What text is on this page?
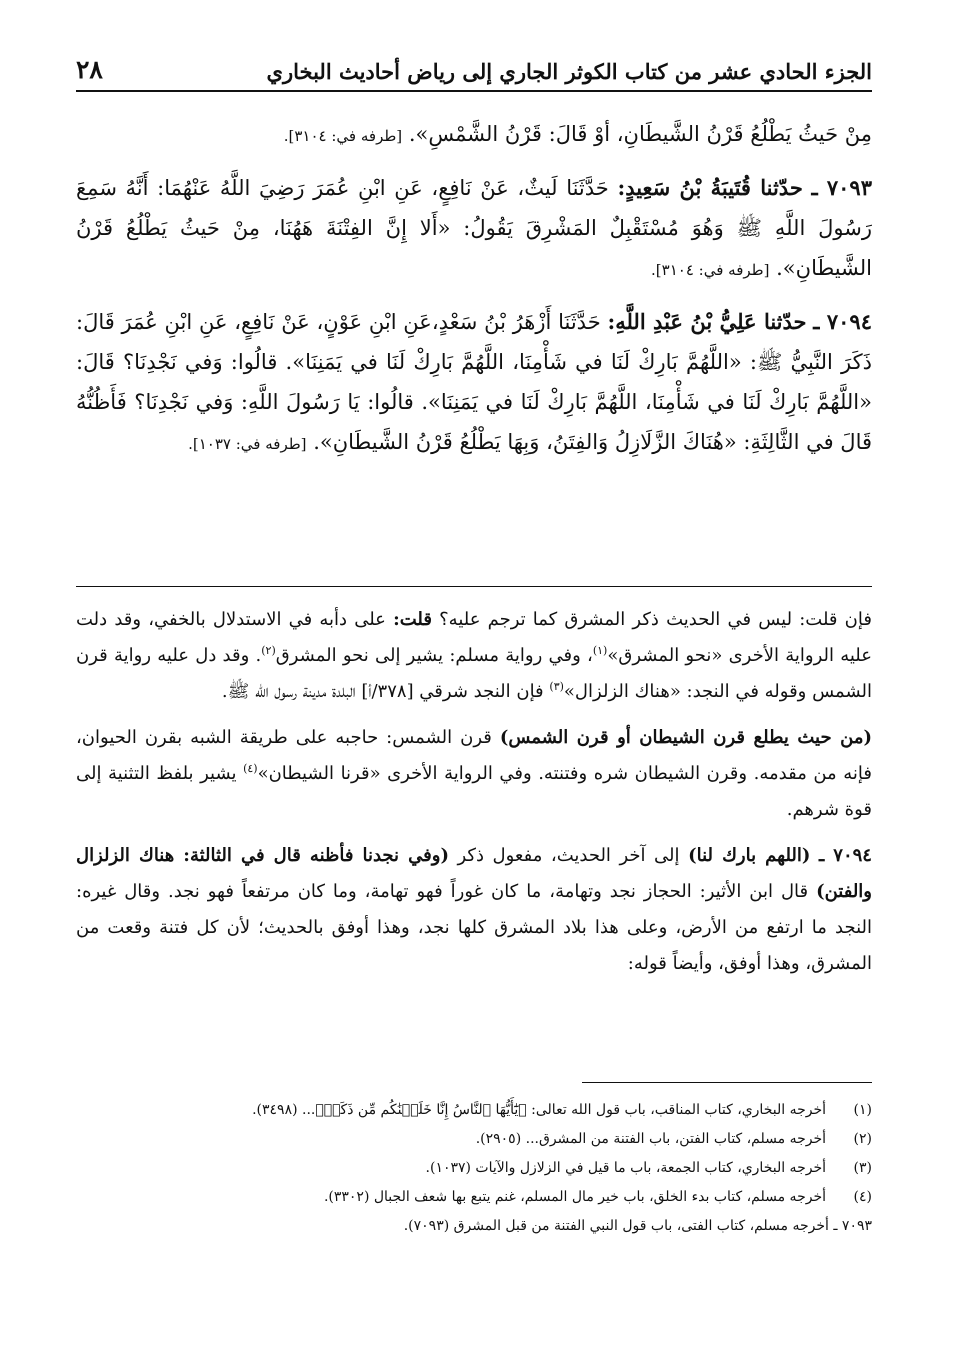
الجزء الحادي عشر من كتاب الكوثر الجاري إلى رياض أحاديث البخاري
٢٨

مِنْ حَيثُ يَطْلُعُ قَرْنُ الشَّيطَانِ، أوْ قَالَ: قَرْنُ الشَّمْسِ». [طرفه في: ٣١٠٤].

٧٠٩٣ ـ حدّثنا قُتَيبَةُ بْنُ سَعِيدٍ: حَدَّثَنَا لَيثٌ، عَنْ نَافِعٍ، عَنِ ابْنِ عُمَرَ رَضِيَ اللَّهُ عَنْهُمَا: أَنَّهُ سَمِعَ رَسُولَ اللَّهِ ﷺ وَهُوَ مُسْتَقْبِلٌ المَشْرِقَ يَقُولُ: «أَلا إِنَّ الفِتْنَةَ هَهُنَا، مِنْ حَيثُ يَطْلُعُ قَرْنُ الشَّيطَانِ». [طرفه في: ٣١٠٤].

٧٠٩٤ ـ حدّثنا عَلِيُّ بْنُ عَبْدِ اللَّهِ: حَدَّثَنَا أَزْهَرُ بْنُ سَعْدٍ،عَنِ ابْنِ عَوْنٍ، عَنْ نَافِعٍ، عَنِ ابْنِ عُمَرَ قَالَ: ذَكَرَ النَّبِيُّ ﷺ: «اللَّهُمَّ بَارِكْ لَنَا في شَأْمِنَا، اللَّهُمَّ بَارِكْ لَنَا في يَمَنِنَا». قالُوا: وَفي نَجْدِنَا؟ قَالَ: «اللَّهُمَّ بَارِكْ لَنَا في شَأْمِنَا، اللَّهُمَّ بَارِكْ لَنَا في يَمَنِنَا». قالُوا: يَا رَسُولَ اللَّهِ: وَفي نَجْدِنَا؟ فَأَظُنُّهُ قَالَ في الثَّالِثَةِ: «هُنَاكَ الزَّلَازِلُ وَالفِتَنُ، وَبِهَا يَطْلُعُ قَرْنُ الشَّيطَانِ». [طرفه في: ١٠٣٧].

فإن قلت: ليس في الحديث ذكر المشرق كما ترجم عليه؟ قلت: على دأبه في الاستدلال بالخفي، وقد دلت عليه الرواية الأخرى «نحو المشرق»$^{(١)}$، وفي رواية مسلم: يشير إلى نحو المشرق$^{(٢)}$. وقد دل عليه رواية قرن الشمس وقوله في النجد: «هناك الزلزال»$^{(٣)}$ فإن النجد شرقي [٣٧٨/أ] البلدة مدينة رسول الله ﷺ.

(من حيث يطلع قرن الشيطان أو قرن الشمس) قرن الشمس: حاجبه على طريقة الشبه بقرن الحيوان، فإنه من مقدمه. وقرن الشيطان شره وفتنته. وفي الرواية الأخرى «قرنا الشيطان»$^{(٤)}$ يشير بلفظ التثنية إلى قوة شرهم.

٧٠٩٤ ـ (اللهم بارك لنا) إلى آخر الحديث، مفعول ذكر (وفي نجدنا فأظنه قال في الثالثة: هناك الزلزال والفتن) قال ابن الأثير: الحجاز نجد وتهامة، ما كان غوراً فهو تهامة، وما كان مرتفعاً فهو نجد. وقال غيره: النجد ما ارتفع من الأرض، وعلى هذا بلاد المشرق كلها نجد، وهذا أوفق بالحديث؛ لأن كل فتنة وقعت من المشرق، وهذا أوفق، وأيضاً قوله:

(١)
أخرجه البخاري، كتاب المناقب، باب قول الله تعالى: ﴿يَٰٓأَيُّهَا ٱلنَّاسُ إِنَّا خَلَقۡنَٰكُم مِّن ذَكَرٖ﴾... (٣٤٩٨).
(٢)
أخرجه مسلم، كتاب الفتن، باب الفتنة من المشرق... (٢٩٠٥).
(٣)
أخرجه البخاري، كتاب الجمعة، باب ما قيل في الزلازل والآيات (١٠٣٧).
(٤)
أخرجه مسلم، كتاب بدء الخلق، باب خير مال المسلم، غنم يتبع بها شعف الجبال (٣٣٠٢).
٧٠٩٣ ـ أخرجه مسلم، كتاب الفتى، باب قول النبي الفتنة من قبل المشرق (٧٠٩٣).
